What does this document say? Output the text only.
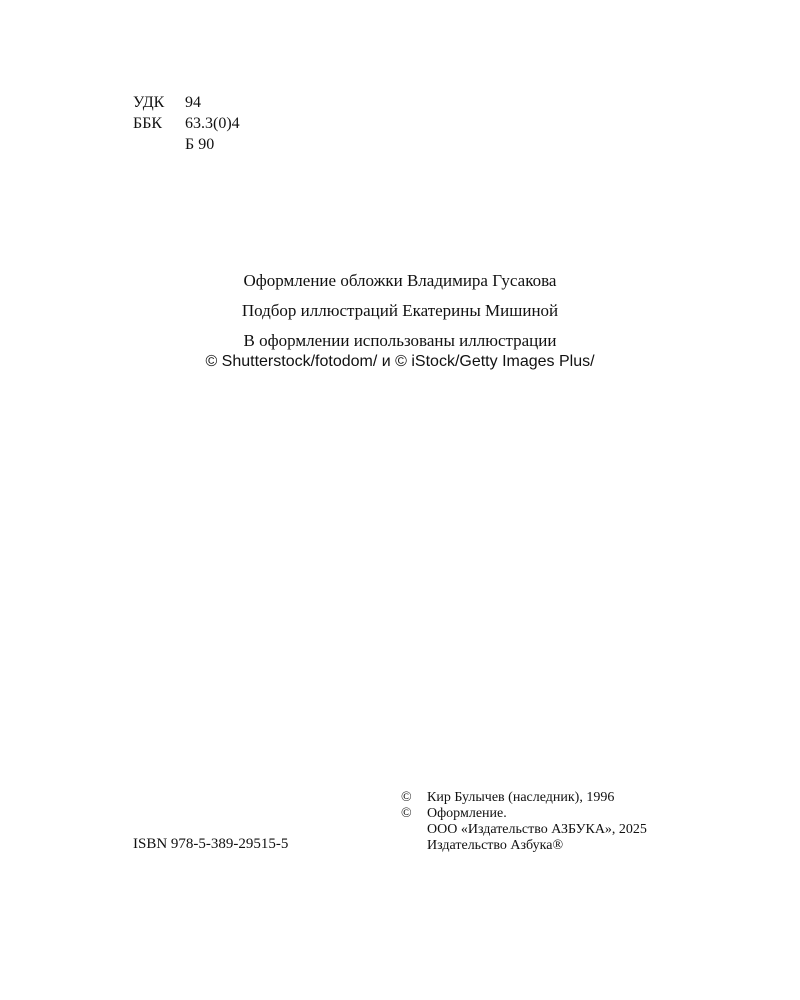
УДК 94
ББК 63.3(0)4
Б 90
Оформление обложки Владимира Гусакова
Подбор иллюстраций Екатерины Мишиной
В оформлении использованы иллюстрации
© Shutterstock/fotodom/ и © iStock/Getty Images Plus/
© Кир Булычев (наследник), 1996
© Оформление.
ООО «Издательство АЗБУКА», 2025
Издательство Азбука®
ISBN 978-5-389-29515-5
